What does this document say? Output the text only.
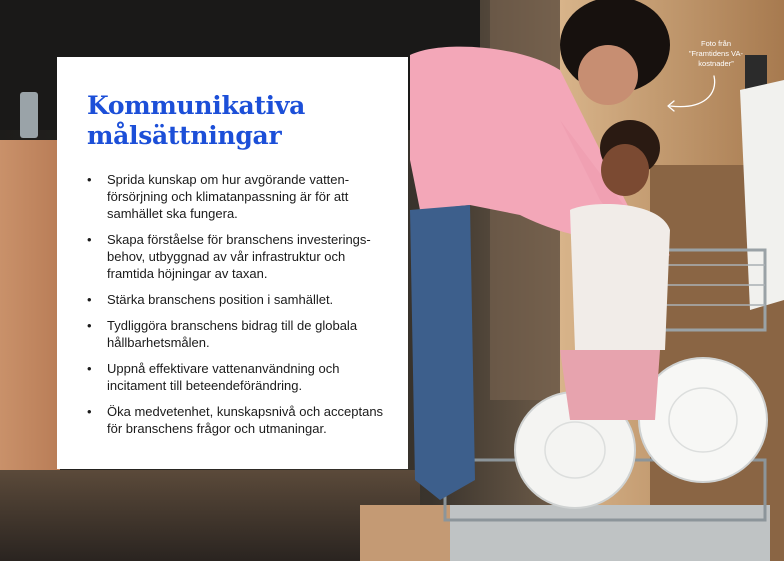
Foto från
”Framtidens VA-
kostnader”
Kommunikativa
målsättningar
• Sprida kunskap om hur avgörande vatten-försörjning och klimatanpassning är för att samhället ska fungera.
• Skapa förståelse för branschens investerings-behov, utbyggnad av vår infrastruktur och framtida höjningar av taxan.
• Stärka branschens position i samhället.
• Tydliggöra branschens bidrag till de globala hållbarhetsmålen.
• Uppnå effektivare vattenanvändning och incitament till beteendeförändring.
• Öka medvetenhet, kunskapsnivå och acceptans för branschens frågor och utmaningar.
